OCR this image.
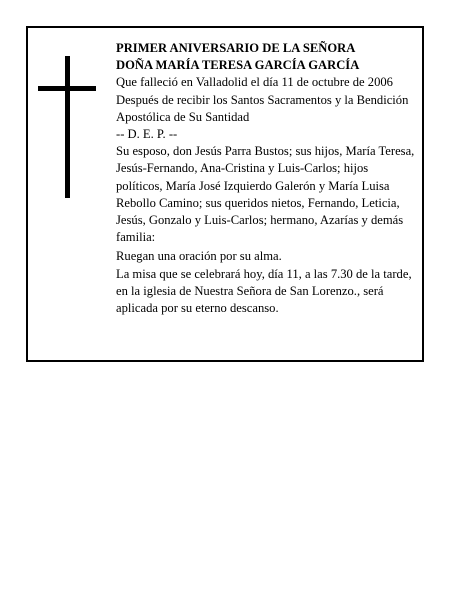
PRIMER ANIVERSARIO DE LA SEÑORA

DOÑA MARÍA TERESA GARCÍA GARCÍA

Que falleció en Valladolid el día 11 de octubre de 2006

Después de recibir los Santos Sacramentos y la Bendición Apostólica de Su Santidad

-- D. E. P. --

Su esposo, don Jesús Parra Bustos; sus hijos, María Teresa, Jesús-Fernando, Ana-Cristina y Luis-Carlos; hijos políticos, María José Izquierdo Galerón y María Luisa Rebollo Camino; sus queridos nietos, Fernando, Leticia, Jesús, Gonzalo y Luis-Carlos; hermano, Azarías y demás familia:

Ruegan una oración por su alma.

La misa que se celebrará hoy, día 11, a las 7.30 de la tarde, en la iglesia de Nuestra Señora de San Lorenzo., será aplicada por su eterno descanso.
